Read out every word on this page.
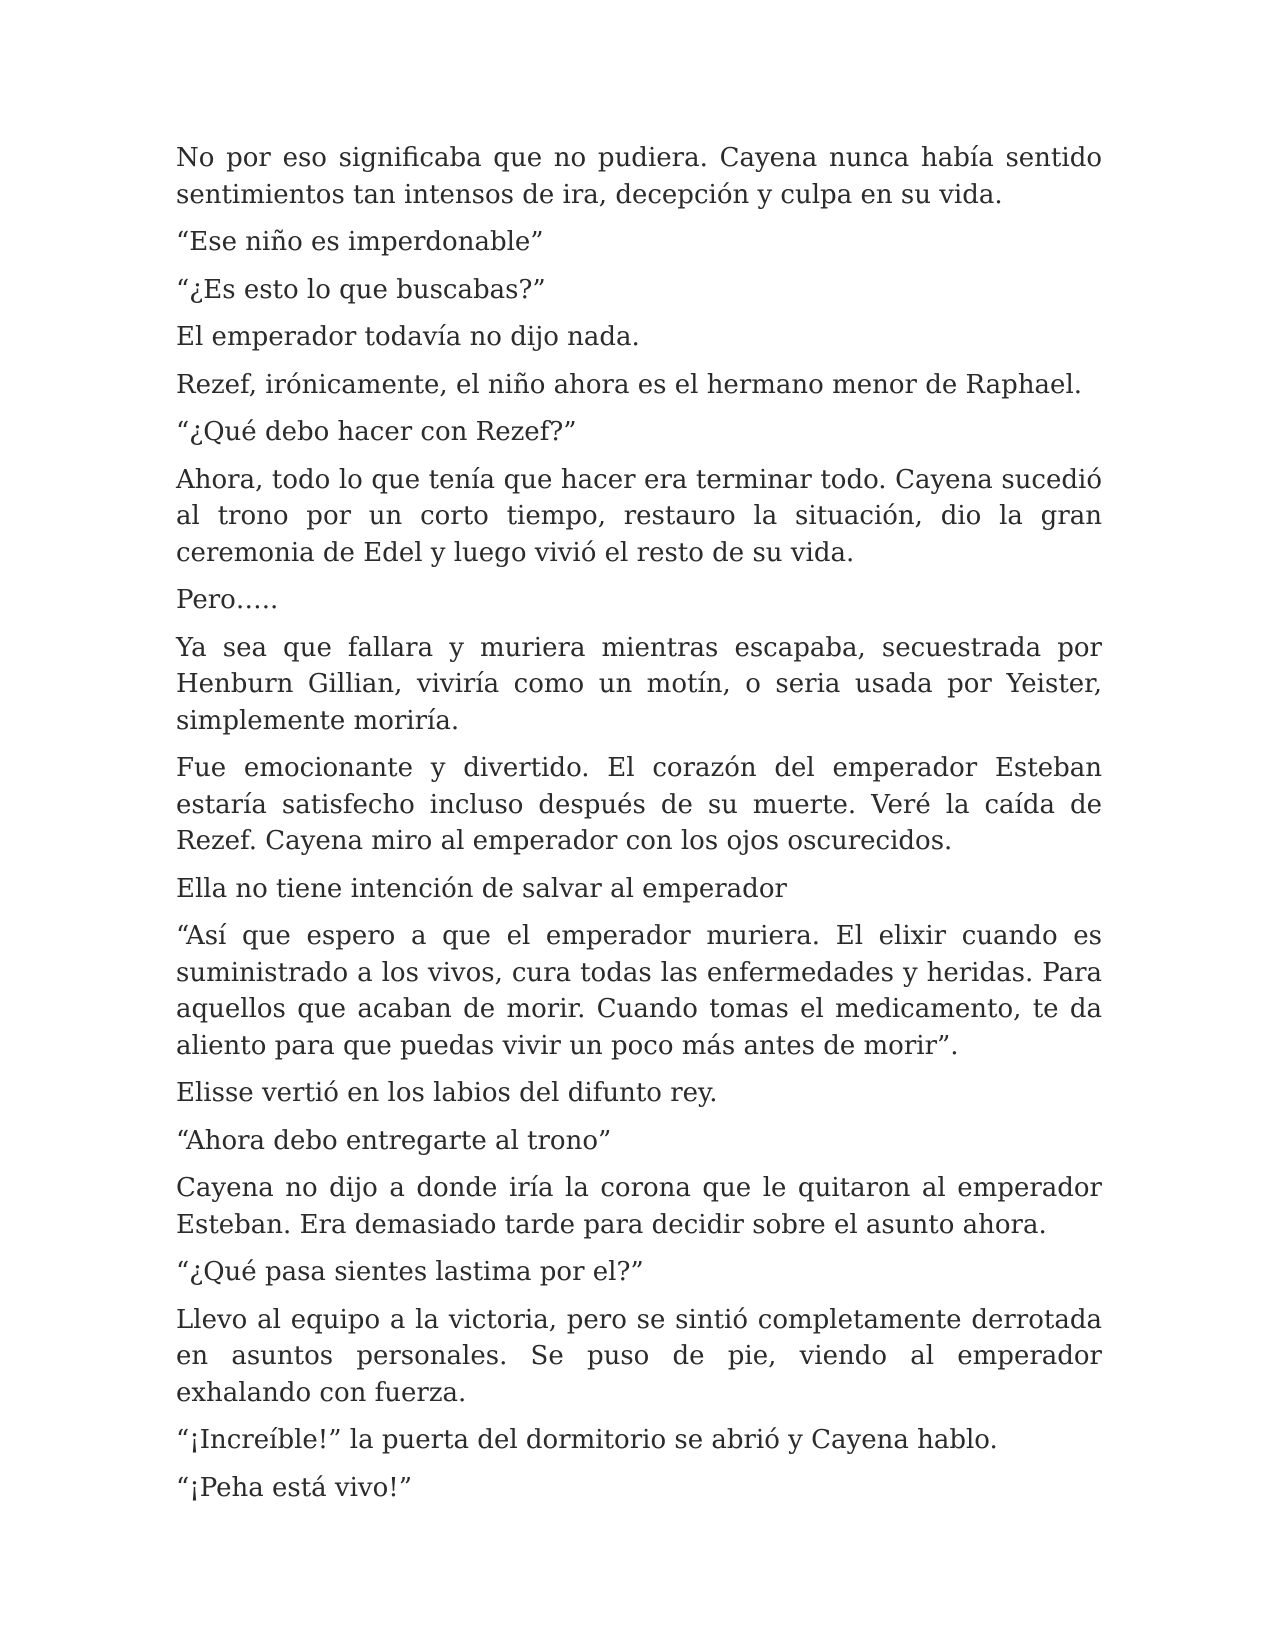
No por eso significaba que no pudiera. Cayena nunca había sentido sentimientos tan intensos de ira, decepción y culpa en su vida.

“Ese niño es imperdonable”

“¿Es esto lo que buscabas?”

El emperador todavía no dijo nada.

Rezef, irónicamente, el niño ahora es el hermano menor de Raphael.

“¿Qué debo hacer con Rezef?”

Ahora, todo lo que tenía que hacer era terminar todo. Cayena sucedió al trono por un corto tiempo, restauro la situación, dio la gran ceremonia de Edel y luego vivió el resto de su vida.

Pero…..

Ya sea que fallara y muriera mientras escapaba, secuestrada por Henburn Gillian, viviría como un motín, o seria usada por Yeister, simplemente moriría.

Fue emocionante y divertido. El corazón del emperador Esteban estaría satisfecho incluso después de su muerte. Veré la caída de Rezef. Cayena miro al emperador con los ojos oscurecidos.

Ella no tiene intención de salvar al emperador

“Así que espero a que el emperador muriera. El elixir cuando es suministrado a los vivos, cura todas las enfermedades y heridas. Para aquellos que acaban de morir. Cuando tomas el medicamento, te da aliento para que puedas vivir un poco más antes de morir”.

Elisse vertió en los labios del difunto rey.

“Ahora debo entregarte al trono”

Cayena no dijo a donde iría la corona que le quitaron al emperador Esteban. Era demasiado tarde para decidir sobre el asunto ahora.

“¿Qué pasa sientes lastima por el?”

Llevo al equipo a la victoria, pero se sintió completamente derrotada en asuntos personales. Se puso de pie, viendo al emperador exhalando con fuerza.

“¡Increíble!” la puerta del dormitorio se abrió y Cayena hablo.

“¡Peha está vivo!”
